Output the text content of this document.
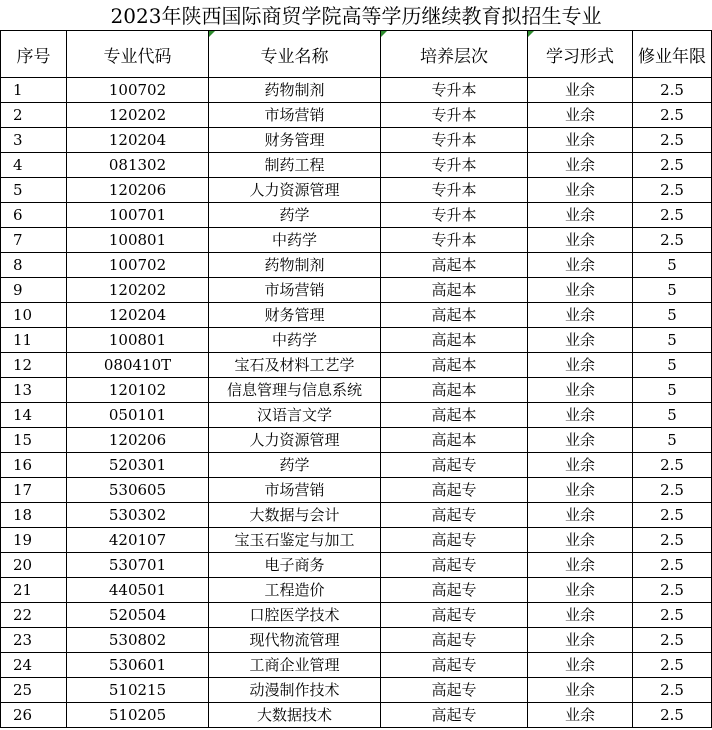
2023年陕西国际商贸学院高等学历继续教育拟招生专业
序号	专业代码	专业名称	培养层次	学习形式	修业年限
1	100702	药物制剂	专升本	业余	2.5
2	120202	市场营销	专升本	业余	2.5
3	120204	财务管理	专升本	业余	2.5
4	081302	制药工程	专升本	业余	2.5
5	120206	人力资源管理	专升本	业余	2.5
6	100701	药学	专升本	业余	2.5
7	100801	中药学	专升本	业余	2.5
8	100702	药物制剂	高起本	业余	5
9	120202	市场营销	高起本	业余	5
10	120204	财务管理	高起本	业余	5
11	100801	中药学	高起本	业余	5
12	080410T	宝石及材料工艺学	高起本	业余	5
13	120102	信息管理与信息系统	高起本	业余	5
14	050101	汉语言文学	高起本	业余	5
15	120206	人力资源管理	高起本	业余	5
16	520301	药学	高起专	业余	2.5
17	530605	市场营销	高起专	业余	2.5
18	530302	大数据与会计	高起专	业余	2.5
19	420107	宝玉石鉴定与加工	高起专	业余	2.5
20	530701	电子商务	高起专	业余	2.5
21	440501	工程造价	高起专	业余	2.5
22	520504	口腔医学技术	高起专	业余	2.5
23	530802	现代物流管理	高起专	业余	2.5
24	530601	工商企业管理	高起专	业余	2.5
25	510215	动漫制作技术	高起专	业余	2.5
26	510205	大数据技术	高起专	业余	2.5
